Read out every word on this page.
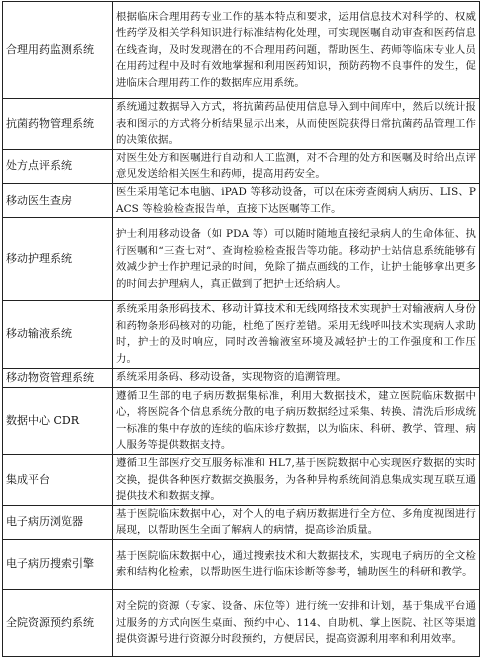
合理用药监测系统	根据临床合理用药专业工作的基本特点和要求，运用信息技术对科学的、权威性药学及相关学科知识进行标准结构化处理，可实现医嘱自动审查和医药信息在线查询，及时发现潜在的不合理用药问题，帮助医生、药师等临床专业人员在用药过程中及时有效地掌握和利用医药知识，预防药物不良事件的发生，促进临床合理用药工作的数据库应用系统。
抗菌药物管理系统	系统通过数据导入方式，将抗菌药品使用信息导入到中间库中，然后以统计报表和图示的方式将分析结果显示出来，从而使医院获得日常抗菌药品管理工作的决策依据。
处方点评系统	对医生处方和医嘱进行自动和人工监测，对不合理的处方和医嘱及时给出点评意见发送给相关医生和药师，提高用药安全。
移动医生查房	医生采用笔记本电脑、iPAD 等移动设备，可以在床旁查阅病人病历、LIS、PACS 等检验检查报告单，直接下达医嘱等工作。
移动护理系统	护士利用移动设备（如 PDA 等）可以随时随地直接纪录病人的生命体征、执行医嘱和“三查七对”、查询检验检查报告等功能。移动护士站信息系统能够有效减少护士作护理记录的时间，免除了描点画线的工作，让护士能够拿出更多的时间去护理病人，真正做到了把护士还给病人。
移动输液系统	系统采用条形码技术、移动计算技术和无线网络技术实现护士对输液病人身份和药物条形码核对的功能，杜绝了医疗差错。采用无线呼叫技术实现病人求助时，护士的及时响应，同时改善输液室环境及减轻护士的工作强度和工作压力。
移动物资管理系统	系统采用条码、移动设备，实现物资的追溯管理。
数据中心 CDR	遵循卫生部的电子病历数据集标准，利用大数据技术，建立医院临床数据中心，将医院各个信息系统分散的电子病历数据经过采集、转换、清洗后形成统一标准的集中存放的连续的临床诊疗数据，以为临床、科研、教学、管理、病人服务等提供数据支持。
集成平台	遵循卫生部医疗交互服务标准和 HL7,基于医院数据中心实现医疗数据的实时交换，提供各种医疗数据交换服务，为各种异构系统间消息集成实现互联互通提供技术和数据支撑。
电子病历浏览器	基于医院临床数据中心，对个人的电子病历数据进行全方位、多角度视图进行展现，以帮助医生全面了解病人的病情，提高诊治质量。
电子病历搜索引擎	基于医院临床数据中心，通过搜索技术和大数据技术，实现电子病历的全文检索和结构化检索，以帮助医生进行临床诊断等参考，辅助医生的科研和教学。
全院资源预约系统	对全院的资源（专家、设备、床位等）进行统一安排和计划，基于集成平台通过服务的方式向医生桌面、预约中心、114、自助机、掌上医院、社区等渠道提供资源号进行资源分时段预约，方便居民，提高资源利用率和利用效率。
